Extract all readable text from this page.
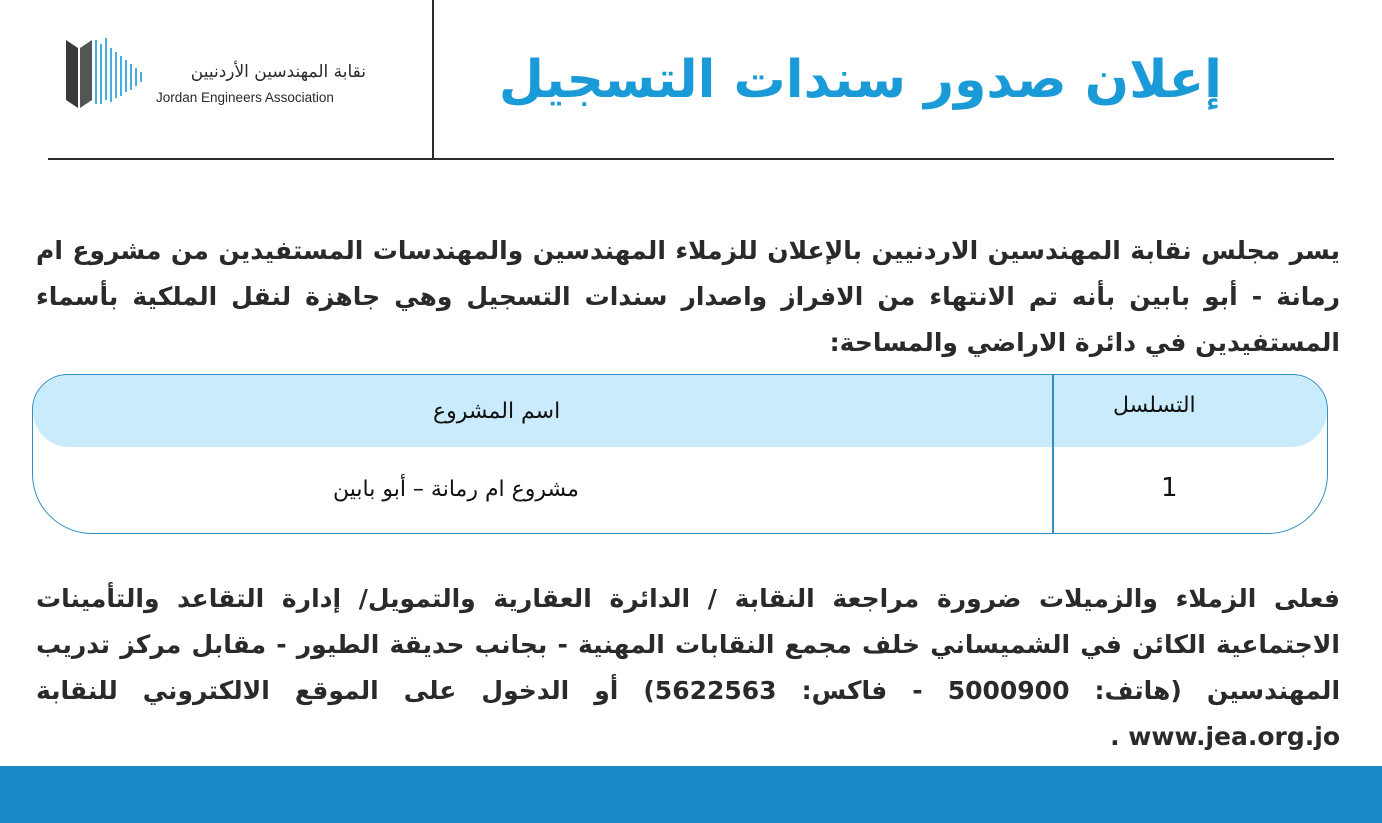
نقابة المهندسين الأردنيين
Jordan Engineers Association	إعلان صدور سندات التسجيل
يسر مجلس نقابة المهندسين الاردنيين بالإعلان للزملاء المهندسين والمهندسات المستفيدين من مشروع ام رمانة - أبو بابين بأنه تم الانتهاء من الافراز واصدار سندات التسجيل وهي جاهزة لنقل الملكية بأسماء المستفيدين في دائرة الاراضي والمساحة:
التسلسل
اسم المشروع
1
مشروع ام رمانة – أبو بابين
فعلى الزملاء والزميلات ضرورة مراجعة النقابة / الدائرة العقارية والتمويل/ إدارة التقاعد والتأمينات الاجتماعية الكائن في الشميساني خلف مجمع النقابات المهنية - بجانب حديقة الطيور - مقابل مركز تدريب المهندسين (هاتف: 5000900 - فاكس: 5622563) أو الدخول على الموقع الالكتروني للنقابة www.jea.org.jo .
